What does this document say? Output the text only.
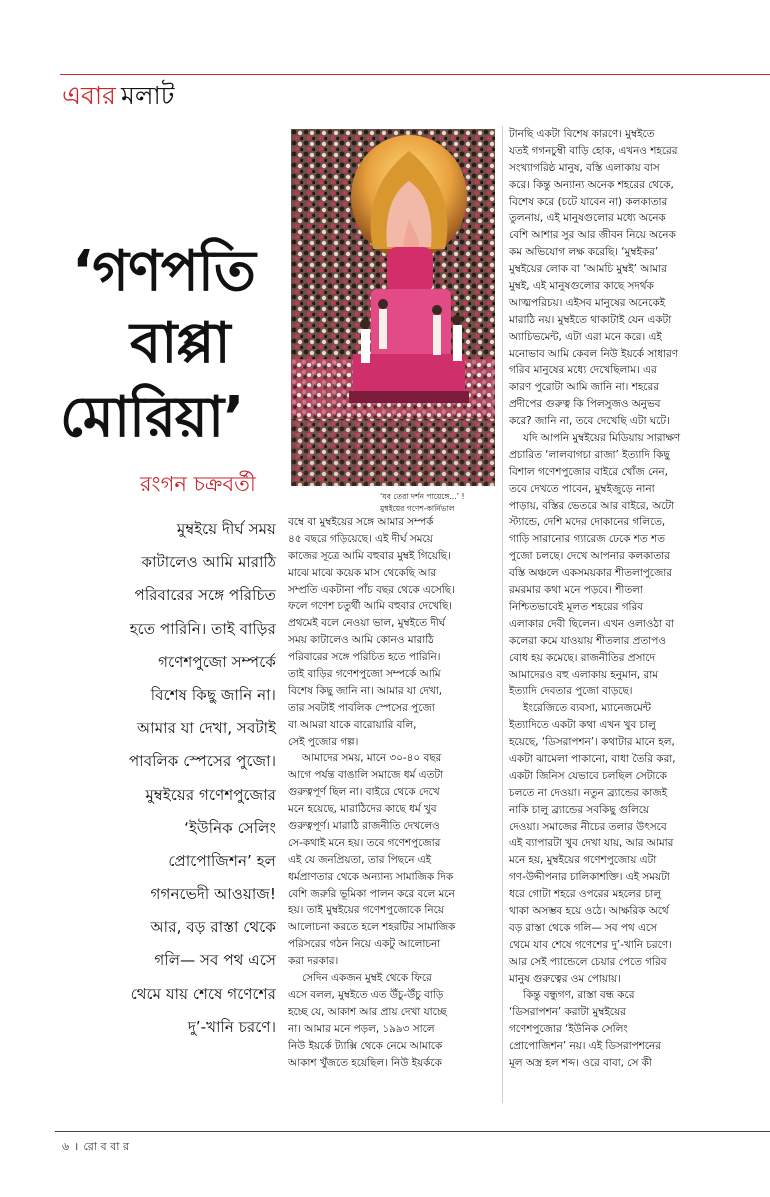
এবার মলাট
‘যব তেরা দর্শন পায়েঙ্গে...’ !
মুম্বইয়ের গণেশ-কার্নিভাল
‘গণপতি
বাপ্পা
মোরিয়া’
রংগন চক্রবর্তী
মুম্বইয়ে দীর্ঘ সময়
কাটালেও আমি মারাঠি
পরিবারের সঙ্গে পরিচিত
হতে পারিনি। তাই বাড়ির
গণেশপুজো সম্পর্কে
বিশেষ কিছু জানি না।
আমার যা দেখা, সবটাই
পাবলিক স্পেসের পুজো।
মুম্বইয়ের গণেশপুজোর
‘ইউনিক সেলিং
প্রোপোজিশন’ হল
গগনভেদী আওয়াজ!
আর, বড় রাস্তা থেকে
গলি— সব পথ এসে
থেমে যায় শেষে গণেশের
দু’-খানি চরণে।
বম্বে বা মুম্বইয়ের সঙ্গে আমার সম্পর্ক
৪৫ বছরে গড়িয়েছে। এই দীর্ঘ সময়ে
কাজের সূত্রে আমি বহুবার মুম্বই গিয়েছি।
মাঝে মাঝে কয়েক মাস থেকেছি আর
সম্প্রতি একটানা পাঁচ বছর থেকে এসেছি।
ফলে গণেশ চতুর্থী আমি বহুবার দেখেছি।
প্রথমেই বলে নেওয়া ভাল, মুম্বইতে দীর্ঘ
সময় কাটালেও আমি কোনও মারাঠি
পরিবারের সঙ্গে পরিচিত হতে পারিনি।
তাই বাড়ির গণেশপুজো সম্পর্কে আমি
বিশেষ কিছু জানি না। আমার যা দেখা,
তার সবটাই পাবলিক স্পেসের পুজো
বা আমরা যাকে বারোয়ারি বলি,
সেই পুজোর গল্প।
আমাদের সময়, মানে ৩০-৪০ বছর
আগে পর্যন্ত বাঙালি সমাজে ধর্ম এতটা
গুরুত্বপূর্ণ ছিল না। বাইরে থেকে দেখে
মনে হয়েছে, মারাঠিদের কাছে ধর্ম খুব
গুরুত্বপূর্ণ। মারাঠি রাজনীতি দেখলেও
সে-কথাই মনে হয়। তবে গণেশপুজোর
এই যে জনপ্রিয়তা, তার পিছনে এই
ধর্মপ্রাণতার থেকে অন্যান্য সামাজিক দিক
বেশি জরুরি ভূমিকা পালন করে বলে মনে
হয়। তাই মুম্বইয়ের গণেশপুজোকে নিয়ে
আলোচনা করতে হলে শহরটির সামাজিক
পরিসরের গঠন নিয়ে একটু আলোচনা
করা দরকার।
সেদিন একজন মুম্বই থেকে ফিরে
এসে বলল, মুম্বইতে এত উঁচু-উঁচু বাড়ি
হচ্ছে যে, আকাশ আর প্রায় দেখা যাচ্ছে
না। আমার মনে পড়ল, ১৯৯৩ সালে
নিউ ইয়র্কে ট্যাক্সি থেকে নেমে আমাকে
আকাশ খুঁজতে হয়েছিল। নিউ ইয়র্ককে
টানছি একটা বিশেষ কারণে। মুম্বইতে
যতই গগনচুম্বী বাড়ি হোক, এখনও শহরের
সংখ্যাগরিষ্ঠ মানুষ, বস্তি এলাকায় বাস
করে। কিন্তু অন্যান্য অনেক শহরের থেকে,
বিশেষ করে (চটে যাবেন না) কলকাতার
তুলনায়, এই মানুষগুলোর মধ্যে অনেক
বেশি আশার সুর আর জীবন নিয়ে অনেক
কম অভিযোগ লক্ষ করেছি। ‘মুম্বইকর’
মুম্বইয়ের লোক বা ‘আমচি মুম্বই’ আমার
মুম্বই, এই মানুষগুলোর কাছে সদর্থক
আত্মপরিচয়। এইসব মানুষের অনেকেই
মারাঠি নয়। মুম্বইতে থাকাটাই যেন একটা
অ্যাচিভমেন্ট, এটা এরা মনে করে। এই
মনোভাব আমি কেবল নিউ ইয়র্কে সাধারণ
গরিব মানুষের মধ্যে দেখেছিলাম। এর
কারণ পুরোটা আমি জানি না। শহরের
প্রদীপের গুরুত্ব কি পিলসুজও অনুভব
করে? জানি না, তবে দেখেছি এটা ঘটে।
যদি আপনি মুম্বইয়ের মিডিয়ায় সারাক্ষণ
প্রচারিত ‘লালবাগচা রাজা’ ইত্যাদি কিছু
বিশাল গণেশপুজোর বাইরে খোঁজ নেন,
তবে দেখতে পাবেন, মুম্বইজুড়ে নানা
পাড়ায়, বস্তির ভেতরে আর বাইরে, অটো
স্ট্যান্ডে, দেশি মদের দোকানের গলিতে,
গাড়ি সারানোর গ্যারেজ ঢেকে শত শত
পুজো চলছে। দেখে আপনার কলকাতার
বস্তি অঞ্চলে একসময়কার শীতলাপুজোর
রমরমার কথা মনে পড়বে। শীতলা
নিশ্চিতভাবেই মূলত শহরের গরিব
এলাকার দেবী ছিলেন। এখন ওলাওঠা বা
কলেরা কমে যাওয়ায় শীতলার প্রতাপও
বোধ হয় কমেছে। রাজনীতির প্রসাদে
আমাদেরও বহু এলাকায় হনুমান, রাম
ইত্যাদি দেবতার পুজো বাড়ছে।
ইংরেজিতে ব্যবসা, ম্যানেজমেন্ট
ইত্যাদিতে একটা কথা এখন খুব চালু
হয়েছে, ‘ডিসরাপশন’। কথাটার মানে হল,
একটা ঝামেলা পাকানো, বাধা তৈরি করা,
একটা জিনিস যেভাবে চলছিল সেটাকে
চলতে না দেওয়া। নতুন ব্র্যান্ডের কাজই
নাকি চালু ব্র্যান্ডের সবকিছু গুলিয়ে
দেওয়া। সমাজের নীচের তলার উৎসবে
এই ব্যাপারটা খুব দেখা যায়, আর আমার
মনে হয়, মুম্বইয়ের গণেশপুজোয় এটা
গণ-উদ্দীপনার চালিকাশক্তি। এই সময়টা
ধরে গোটা শহরে ওপরের মহলের চালু
থাকা অসম্ভব হয়ে ওঠে। আক্ষরিক অর্থে
বড় রাস্তা থেকে গলি— সব পথ এসে
থেমে যাব শেষে গণেশের দু’-খানি চরণে।
আর সেই প্যান্ডেলে চেয়ার পেতে গরিব
মানুষ গুরুত্বের ওম পোয়ায়।
কিন্তু বন্ধুগণ, রাস্তা বন্ধ করে
‘ডিসরাপশন’ করাটা মুম্বইয়ের
গণেশপুজোর ‘ইউনিক সেলিং
প্রোপোজিশন’ নয়। এই ডিসরাপশনের
মূল অস্ত্র হল শব্দ। ওরে বাবা, সে কী
৬ । রো ব বা র
